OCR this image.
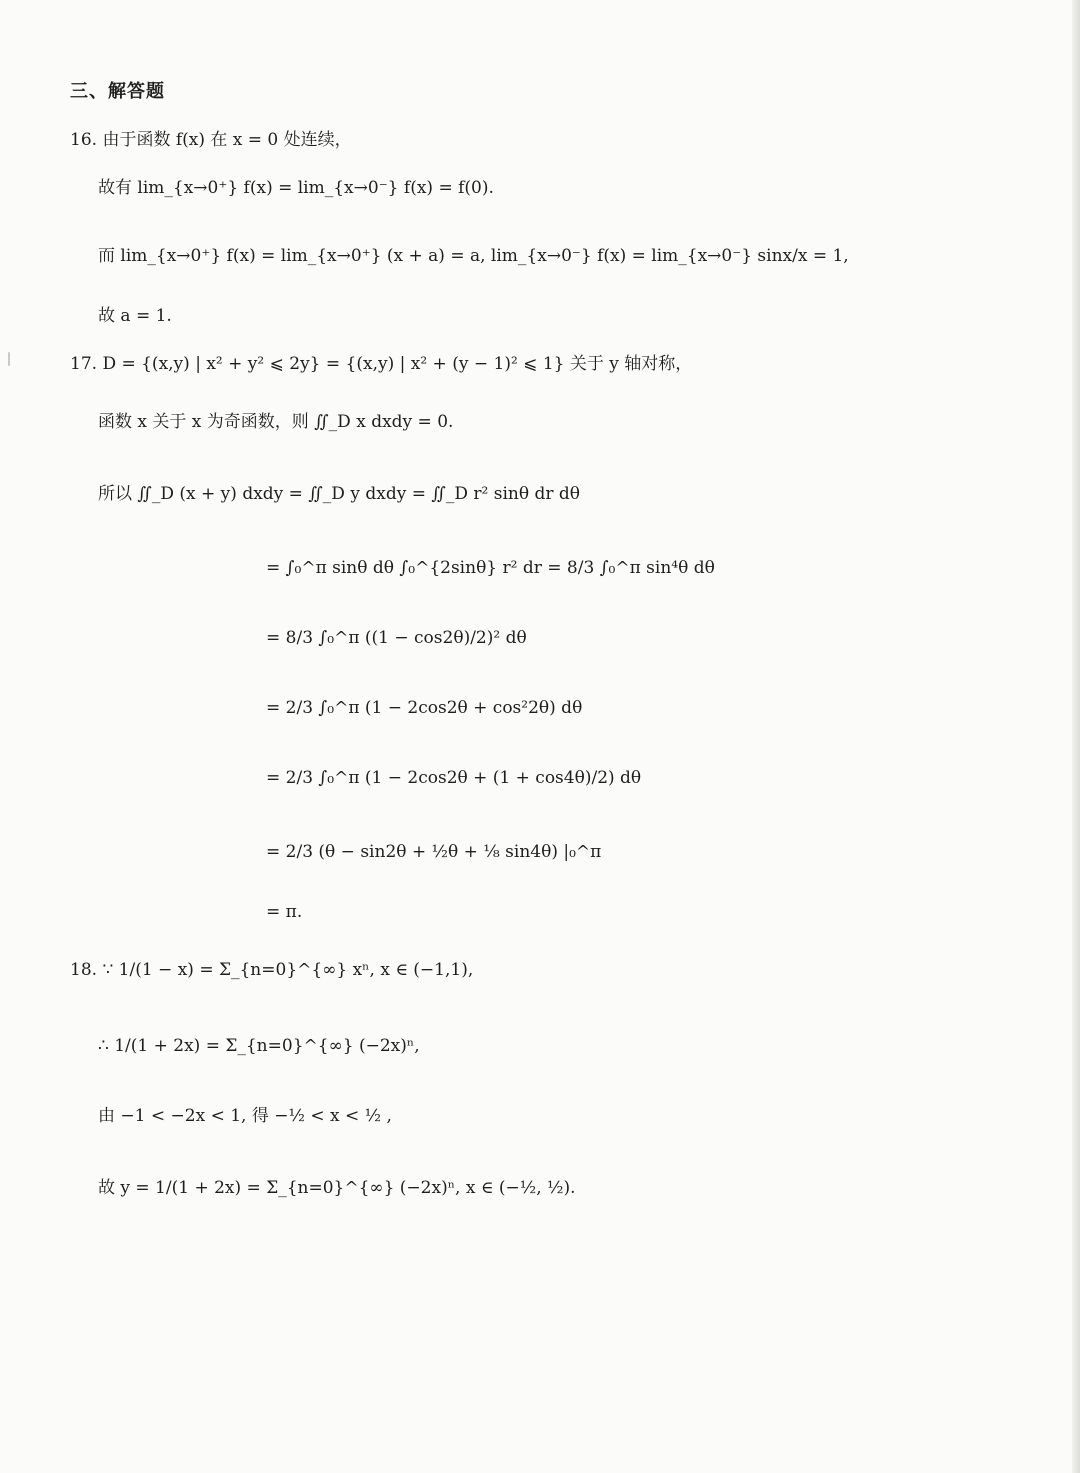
三、解答题
16. 由于函数 f(x) 在 x = 0 处连续，
故有 lim_{x→0⁺} f(x) = lim_{x→0⁻} f(x) = f(0).
而 lim_{x→0⁺} f(x) = lim_{x→0⁺} (x + a) = a, lim_{x→0⁻} f(x) = lim_{x→0⁻} sinx/x = 1,
故 a = 1.
17. D = {(x,y) | x² + y² ⩽ 2y} = {(x,y) | x² + (y − 1)² ⩽ 1} 关于 y 轴对称，
函数 x 关于 x 为奇函数，则 ∬_D x dxdy = 0.
所以 ∬_D (x + y) dxdy = ∬_D y dxdy = ∬_D r² sinθ dr dθ
= ∫₀^π sinθ dθ ∫₀^{2sinθ} r² dr = 8/3 ∫₀^π sin⁴θ dθ
= 8/3 ∫₀^π ((1 − cos2θ)/2)² dθ
= 2/3 ∫₀^π (1 − 2cos2θ + cos²2θ) dθ
= 2/3 ∫₀^π (1 − 2cos2θ + (1 + cos4θ)/2) dθ
= 2/3 (θ − sin2θ + ½θ + ⅛ sin4θ) |₀^π
= π.
18. ∵ 1/(1 − x) = Σ_{n=0}^{∞} xⁿ, x ∈ (−1,1),
∴ 1/(1 + 2x) = Σ_{n=0}^{∞} (−2x)ⁿ,
由 −1 < −2x < 1, 得 −½ < x < ½ ,
故 y = 1/(1 + 2x) = Σ_{n=0}^{∞} (−2x)ⁿ, x ∈ (−½, ½).
